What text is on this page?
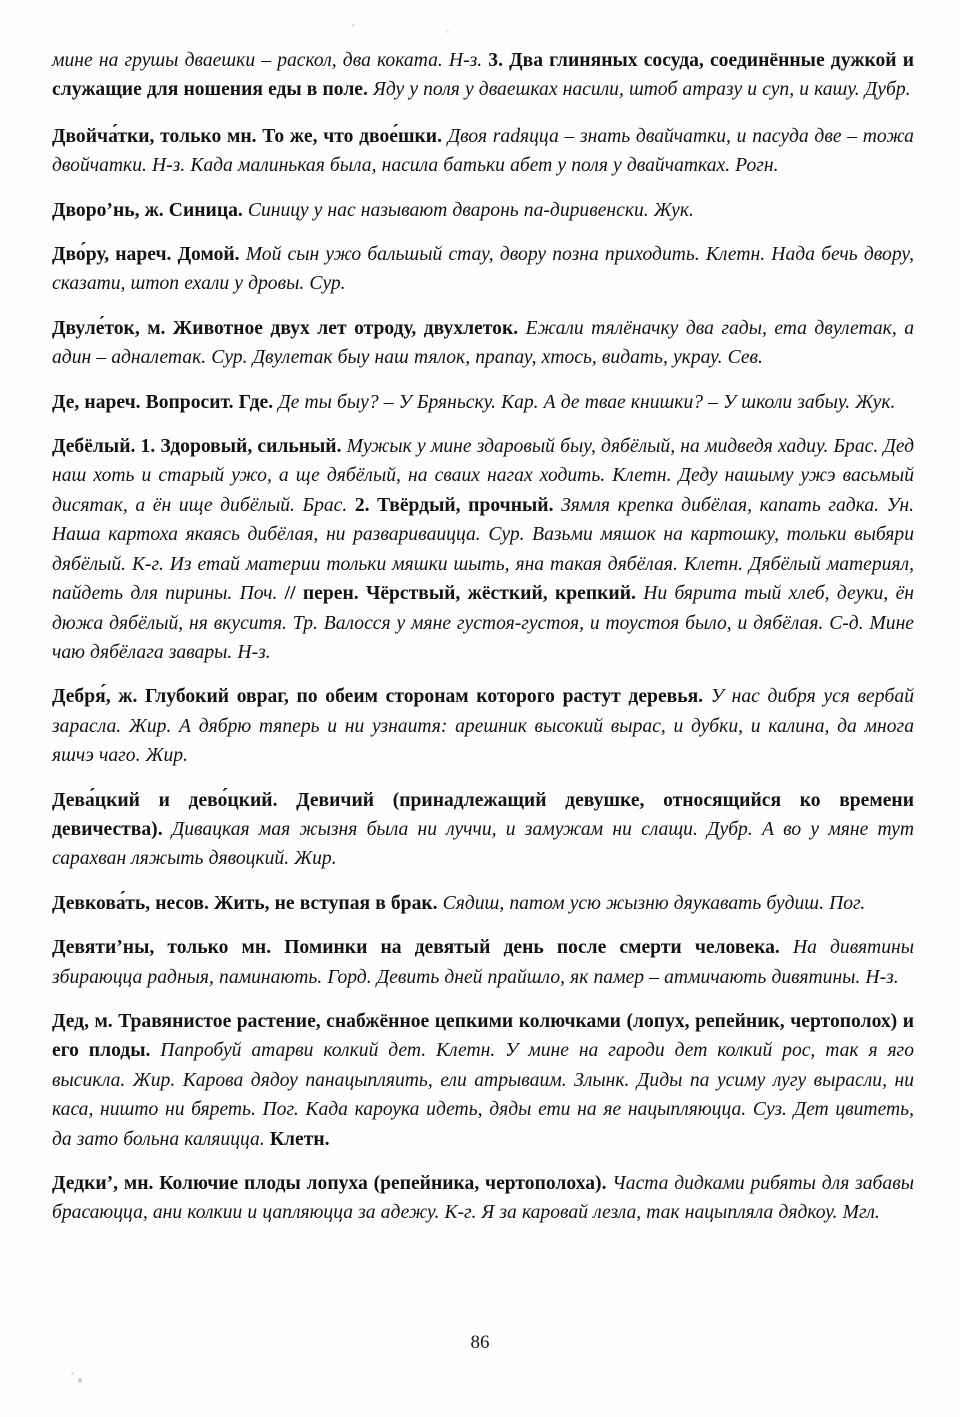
мине на грушы дваешки – раскол, два коката. Н-з. 3. Два глиняных сосуда, соединённые дужкой и служащие для ношения еды в поле. Яду у поля у дваешках насили, штоб атразу и суп, и кашу. Дубр.

Двойча́тки, только мн. То же, что двое́шки. Двоя radяцца – знать двайчатки, и пасуда две – тожа двойчатки. Н-з. Када малинькая была, насила батьки абет у поля у двайчатках. Рогн.

Дворо’нь, ж. Синица. Синицу у нас называют дваронь па-диривенски. Жук.

Дво́ру, нареч. Домой. Мой сын ужо бальшый стау, двору позна приходить. Клетн. Нада бечь двору, сказати, штоп ехали у дровы. Сур.

Двуле́ток, м. Животное двух лет отроду, двухлеток. Ежали тялёначку два гады, ета двулетак, а адин – адналетак. Сур. Двулетак быу наш тялок, прапау, хтось, видать, украу. Сев.

Де, нареч. Вопросит. Где. Де ты быу? – У Бряньску. Кар. А де твае книшки? – У школи забыу. Жук.

Дебёлый. 1. Здоровый, сильный. Мужык у мине здаровый быу, дябёлый, на мидведя хадиу. Брас. Дед наш хоть и старый ужо, а ще дябёлый, на сваих нагах ходить. Клетн. Деду нашыму ужэ васьмый дисятак, а ён ище дибёлый. Брас. 2. Твёрдый, прочный. Зямля крепка дибёлая, капать гадка. Ун. Наша картоха якаясь дибёлая, ни разваривaицца. Сур. Вазьми мяшок на картошку, тольки выбяри дябёлый. К-г. Из етай материи тольки мяшки шыть, яна такая дябёлая. Клетн. Дябёлый материял, пайдеть для пирины. Поч. // перен. Чёрствый, жёсткий, крепкий. Ни бярита тый хлеб, деуки, ён дюжа дябёлый, ня вкуситя. Тр. Валосся у мяне густоя-густоя, и тоустоя было, и дябёлая. С-д. Мине чаю дябёлага завары. Н-з.

Дебря́, ж. Глубокий овраг, по обеим сторонам которого растут деревья. У нас дибря уся вербай зарасла. Жир. А дябрю тяперь и ни узнаитя: арешник высокий вырас, и дубки, и калина, да многа яшчэ чаго. Жир.

Дева́цкий и дево́цкий. Девичий (принадлежащий девушке, относящийся ко времени девичества). Дивацкая мая жызня была ни луччи, и замужам ни слащи. Дубр. А во у мяне тут сарахван ляжыть дявоцкий. Жир.

Девкова́ть, несов. Жить, не вступая в брак. Сядиш, патом усю жызню дяукавать будиш. Пог.

Девяти’ны, только мн. Поминки на девятый день после смерти человека. На дивятины збираюцца радныя, паминають. Горд. Девить дней прайшло, як памер – атмичають дивятины. Н-з.

Дед, м. Травянистое растение, снабжённое цепкими колючками (лопух, репейник, чертополох) и его плоды. Папробуй атарви колкий дет. Клетн. У мине на гароди дет колкий рос, так я яго высикла. Жир. Карова дядоу панацыпляить, ели атрываим. Злынк. Диды па усиму лугу вырасли, ни каса, ништо ни бяреть. Пог. Када кароука идеть, дяды ети на яе нацыпляюцца. Суз. Дет цвитеть, да зато больна каляицца. Клетн.

Дедки’, мн. Колючие плоды лопуха (репейника, чертополоха). Часта дидками рибяты для забавы брасаюцца, ани колкии и цапляюцца за адежу. К-г. Я за каровай лезла, так нацыпляла дядкоу. Мгл.

86
